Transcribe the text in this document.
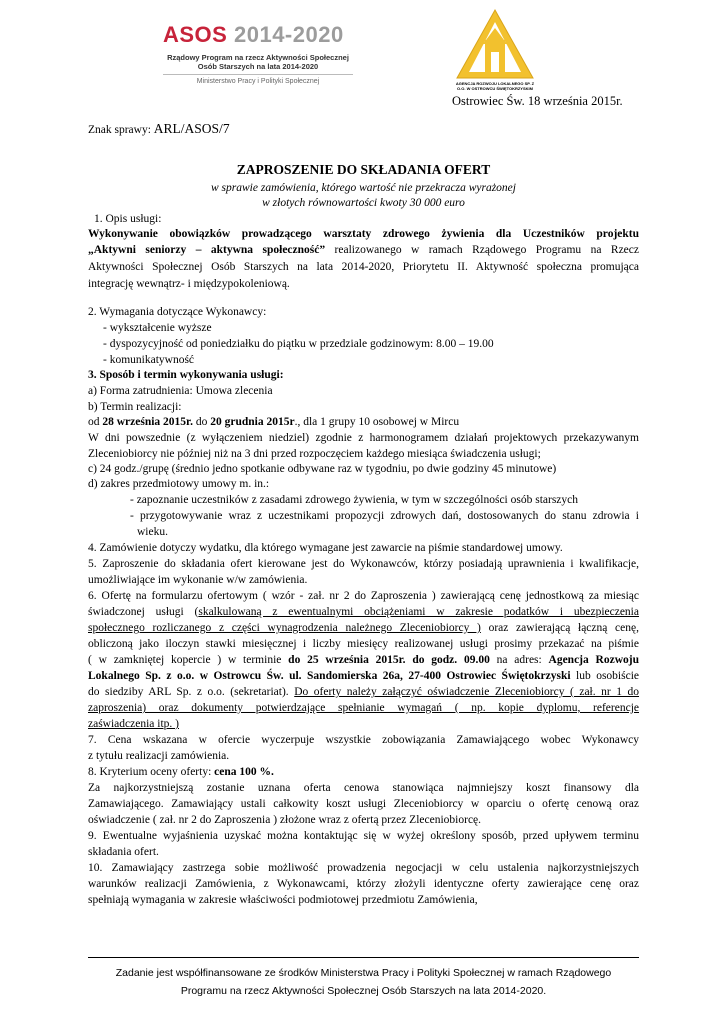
ASOS 2014-2020
Rządowy Program na rzecz Aktywności Społecznej
Osób Starszych na lata 2014-2020
Ministerstwo Pracy i Polityki Społecznej	AGENCJA ROZWOJU LOKALNEGO SP. Z O.O. W OSTROWCU ŚWIĘTOKRZYSKIM
Ostrowiec Św. 18 września 2015r.
Znak sprawy: ARL/ASOS/7
ZAPROSZENIE DO SKŁADANIA OFERT
w sprawie zamówienia, którego wartość nie przekracza wyrażonej
w złotych równowartości kwoty 30 000 euro
1. Opis usługi:
Wykonywanie obowiązków prowadzącego warsztaty zdrowego żywienia dla Uczestników projektu
„Aktywni seniorzy – aktywna społeczność” realizowanego w ramach Rządowego Programu na Rzecz
Aktywności Społecznej Osób Starszych na lata 2014-2020, Priorytetu II. Aktywność społeczna promująca
integrację wewnątrz- i międzypokoleniową.
2. Wymagania dotyczące Wykonawcy:
- wykształcenie wyższe
- dyspozycyjność od poniedziałku do piątku w przedziale godzinowym: 8.00 – 19.00
- komunikatywność
3. Sposób i termin wykonywania usługi:
a) Forma zatrudnienia: Umowa zlecenia
b) Termin realizacji:
od 28 września 2015r. do 20 grudnia 2015r., dla 1 grupy 10 osobowej w Mircu
W dni powszednie (z wyłączeniem niedziel) zgodnie z harmonogramem działań projektowych przekazywanym
Zleceniobiorcy nie później niż na 3 dni przed rozpoczęciem każdego miesiąca świadczenia usługi;
c) 24 godz./grupę (średnio jedno spotkanie odbywane raz w tygodniu, po dwie godziny 45 minutowe)
d) zakres przedmiotowy umowy m. in.:
- zapoznanie uczestników z zasadami zdrowego żywienia, w tym w szczególności osób starszych
- przygotowywanie wraz z uczestnikami propozycji zdrowych dań, dostosowanych do stanu zdrowia i
wieku.
4. Zamówienie dotyczy wydatku, dla którego wymagane jest zawarcie na piśmie standardowej umowy.
5. Zaproszenie do składania ofert kierowane jest do Wykonawców, którzy posiadają uprawnienia i kwalifikacje,
umożliwiające im wykonanie w/w zamówienia.
6. Ofertę na formularzu ofertowym ( wzór - zał. nr 2 do Zaproszenia ) zawierającą cenę jednostkową za miesiąc
świadczonej usługi (skalkulowaną z ewentualnymi obciążeniami w zakresie podatków i ubezpieczenia
społecznego rozliczanego z części wynagrodzenia należnego Zleceniobiorcy ) oraz zawierającą łączną cenę,
obliczoną jako iloczyn stawki miesięcznej i liczby miesięcy realizowanej usługi prosimy przekazać na piśmie
( w zamkniętej kopercie ) w terminie do 25 września 2015r. do godz. 09.00 na adres: Agencja Rozwoju
Lokalnego Sp. z o.o. w Ostrowcu Św. ul. Sandomierska 26a, 27-400 Ostrowiec Świętokrzyski lub osobiście
do siedziby ARL Sp. z o.o. (sekretariat). Do oferty należy załączyć oświadczenie Zleceniobiorcy ( zał. nr 1 do
zaproszenia) oraz dokumenty potwierdzające spełnianie wymagań ( np. kopie dyplomu, referencje
zaświadczenia itp. )
7. Cena wskazana w ofercie wyczerpuje wszystkie zobowiązania Zamawiającego wobec Wykonawcy
z tytułu realizacji zamówienia.
8. Kryterium oceny oferty: cena 100 %.
Za najkorzystniejszą zostanie uznana oferta cenowa stanowiąca najmniejszy koszt finansowy dla
Zamawiającego. Zamawiający ustali całkowity koszt usługi Zleceniobiorcy w oparciu o ofertę cenową oraz
oświadczenie ( zał. nr 2 do Zaproszenia ) złożone wraz z ofertą przez Zleceniobiorcę.
9. Ewentualne wyjaśnienia uzyskać można kontaktując się w wyżej określony sposób, przed upływem terminu
składania ofert.
10. Zamawiający zastrzega sobie możliwość prowadzenia negocjacji w celu ustalenia najkorzystniejszych
warunków realizacji Zamówienia, z Wykonawcami, którzy złożyli identyczne oferty zawierające cenę oraz
spełniają wymagania w zakresie właściwości podmiotowej przedmiotu Zamówienia,
Zadanie jest współfinansowane ze środków Ministerstwa Pracy i Polityki Społecznej w ramach Rządowego
Programu na rzecz Aktywności Społecznej Osób Starszych na lata 2014-2020.
